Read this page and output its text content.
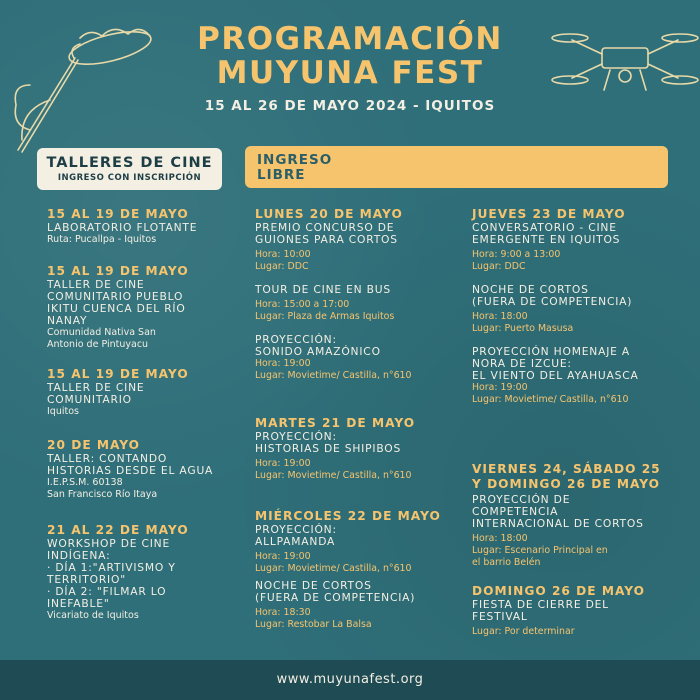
PROGRAMACIÓN
MUYUNA FEST
15 AL 26 DE MAYO 2024 - IQUITOS
TALLERES DE CINE
INGRESO CON INSCRIPCIÓN
INGRESO
LIBRE
15 AL 19 DE MAYO
LABORATORIO FLOTANTE
Ruta: Pucallpa - Iquitos
15 AL 19 DE MAYO
TALLER DE CINE
COMUNITARIO PUEBLO
IKITU CUENCA DEL RÍO
NANAY
Comunidad Nativa San
Antonio de Pintuyacu
15 AL 19 DE MAYO
TALLER DE CINE
COMUNITARIO
Iquitos
20 DE MAYO
TALLER: CONTANDO
HISTORIAS DESDE EL AGUA
I.E.P.S.M. 60138
San Francisco Río Itaya
21 AL 22 DE MAYO
WORKSHOP DE CINE
INDÍGENA:
· DÍA 1:"ARTIVISMO Y
TERRITORIO"
· DÍA 2: "FILMAR LO
INEFABLE"
Vicariato de Iquitos
LUNES 20 DE MAYO
PREMIO CONCURSO DE
GUIONES PARA CORTOS
Hora: 10:00
Lugar: DDC
TOUR DE CINE EN BUS
Hora: 15:00 a 17:00
Lugar: Plaza de Armas Iquitos
PROYECCIÓN:
SONIDO AMAZÓNICO
Hora: 19:00
Lugar: Movietime/ Castilla, n°610
MARTES 21 DE MAYO
PROYECCIÓN:
HISTORIAS DE SHIPIBOS
Hora: 19:00
Lugar: Movietime/ Castilla, n°610
MIÉRCOLES 22 DE MAYO
PROYECCIÓN:
ALLPAMANDA
Hora: 19:00
Lugar: Movietime/ Castilla, n°610
NOCHE DE CORTOS
(FUERA DE COMPETENCIA)
Hora: 18:30
Lugar: Restobar La Balsa
JUEVES 23 DE MAYO
CONVERSATORIO - CINE
EMERGENTE EN IQUITOS
Hora: 9:00 a 13:00
Lugar: DDC
NOCHE DE CORTOS
(FUERA DE COMPETENCIA)
Hora: 18:00
Lugar: Puerto Masusa
PROYECCIÓN HOMENAJE A
NORA DE IZCUE:
EL VIENTO DEL AYAHUASCA
Hora: 19:00
Lugar: Movietime/ Castilla, n°610
VIERNES 24, SÁBADO 25
Y DOMINGO 26 DE MAYO
PROYECCIÓN DE
COMPETENCIA
INTERNACIONAL DE CORTOS
Hora: 18:00
Lugar: Escenario Principal en
el barrio Belén
DOMINGO 26 DE MAYO
FIESTA DE CIERRE DEL
FESTIVAL
Lugar: Por determinar
www.muyunafest.org
